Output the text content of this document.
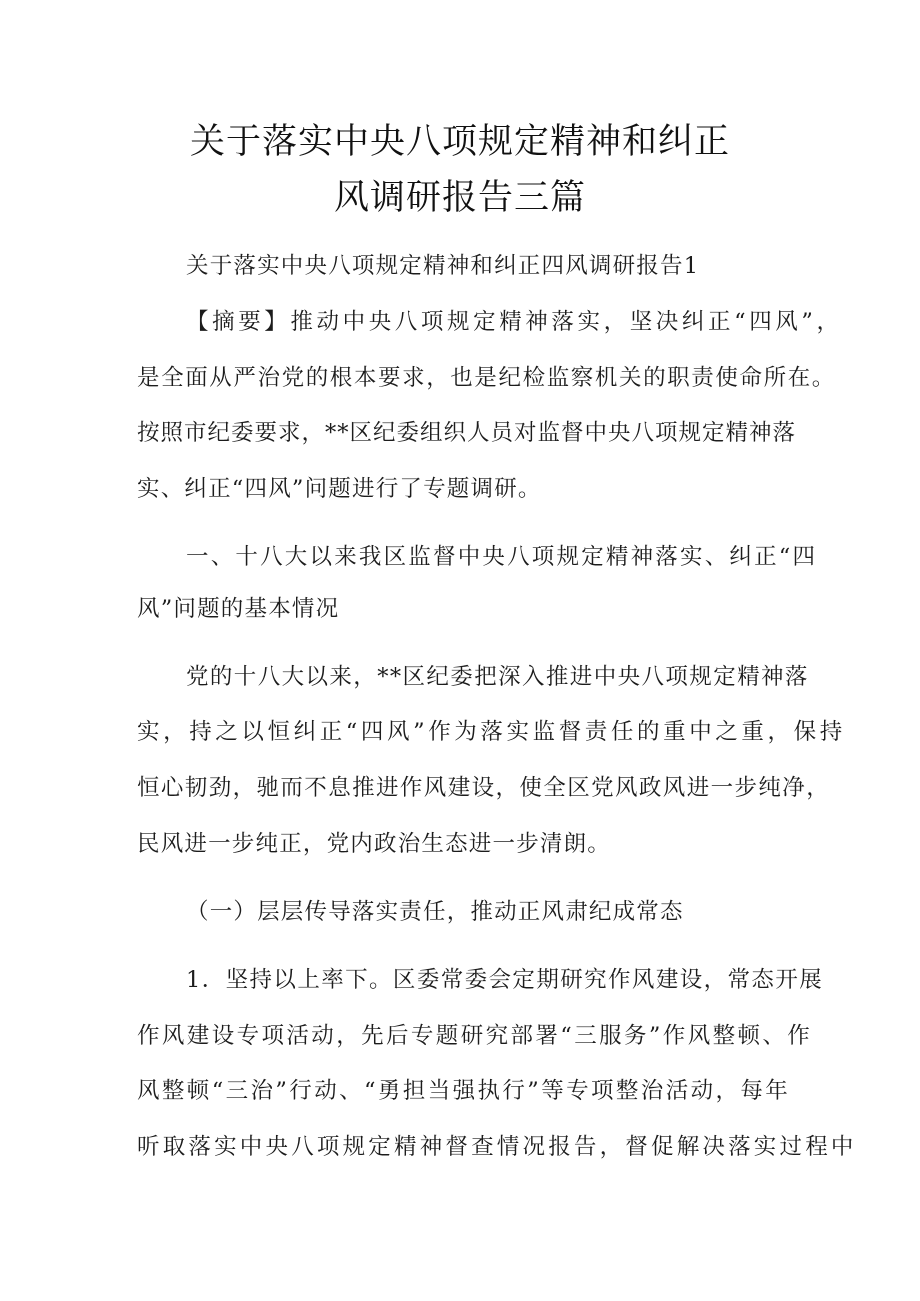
关于落实中央八项规定精神和纠正
风调研报告三篇
关于落实中央八项规定精神和纠正四风调研报告1
【摘要】推动中央八项规定精神落实，坚决纠正“四风”，
是全面从严治党的根本要求，也是纪检监察机关的职责使命所在。
按照市纪委要求，**区纪委组织人员对监督中央八项规定精神落
实、纠正“四风”问题进行了专题调研。
一、十八大以来我区监督中央八项规定精神落实、纠正“四
风”问题的基本情况
党的十八大以来，**区纪委把深入推进中央八项规定精神落
实，持之以恒纠正“四风”作为落实监督责任的重中之重，保持
恒心韧劲，驰而不息推进作风建设，使全区党风政风进一步纯净，
民风进一步纯正，党内政治生态进一步清朗。
（一）层层传导落实责任，推动正风肃纪成常态
1．坚持以上率下。区委常委会定期研究作风建设，常态开展
作风建设专项活动，先后专题研究部署“三服务”作风整顿、作
风整顿“三治”行动、“勇担当强执行”等专项整治活动，每年
听取落实中央八项规定精神督查情况报告，督促解决落实过程中
